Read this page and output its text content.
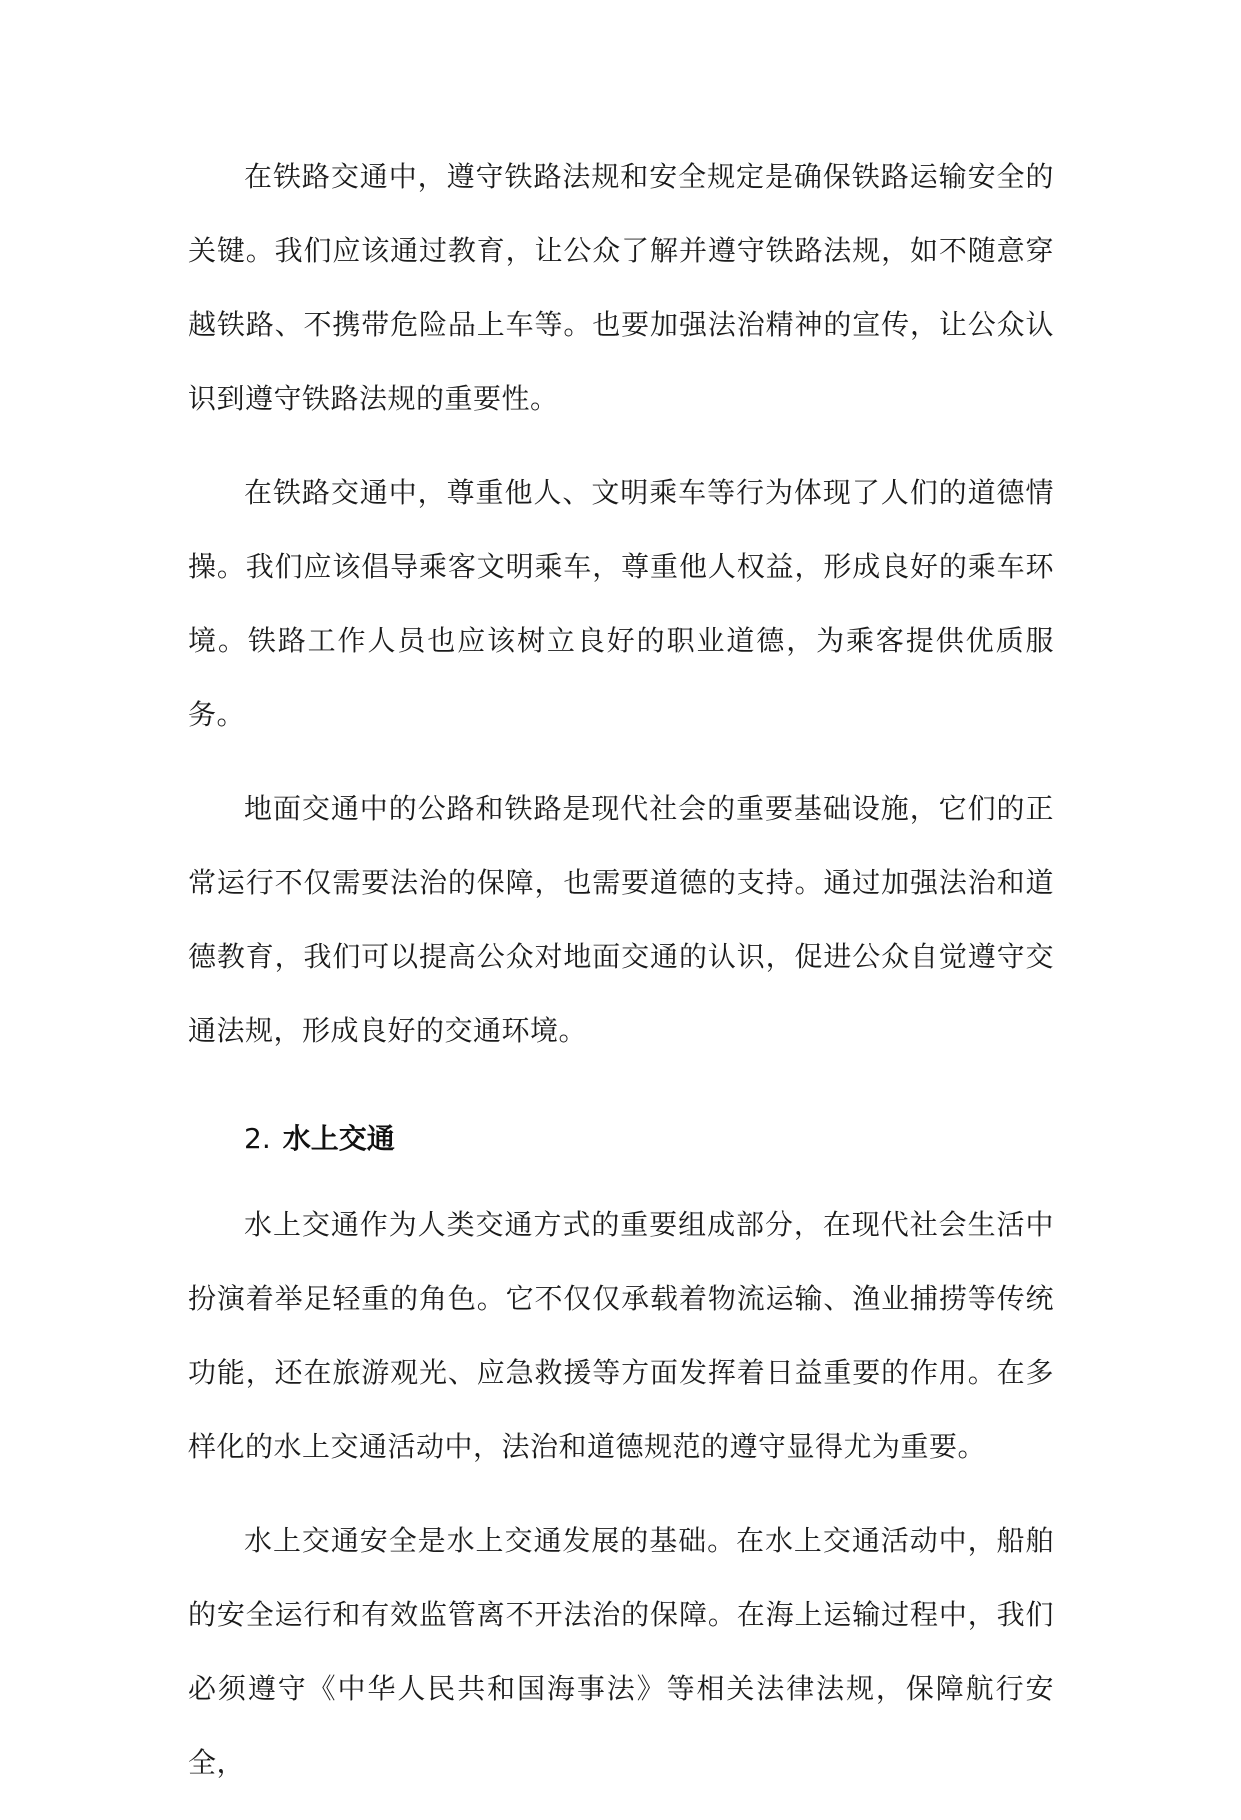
在铁路交通中，遵守铁路法规和安全规定是确保铁路运输安全的关键。我们应该通过教育，让公众了解并遵守铁路法规，如不随意穿越铁路、不携带危险品上车等。也要加强法治精神的宣传，让公众认识到遵守铁路法规的重要性。

在铁路交通中，尊重他人、文明乘车等行为体现了人们的道德情操。我们应该倡导乘客文明乘车，尊重他人权益，形成良好的乘车环境。铁路工作人员也应该树立良好的职业道德，为乘客提供优质服务。

地面交通中的公路和铁路是现代社会的重要基础设施，它们的正常运行不仅需要法治的保障，也需要道德的支持。通过加强法治和道德教育，我们可以提高公众对地面交通的认识，促进公众自觉遵守交通法规，形成良好的交通环境。

2. 水上交通

水上交通作为人类交通方式的重要组成部分，在现代社会生活中扮演着举足轻重的角色。它不仅仅承载着物流运输、渔业捕捞等传统功能，还在旅游观光、应急救援等方面发挥着日益重要的作用。在多样化的水上交通活动中，法治和道德规范的遵守显得尤为重要。

水上交通安全是水上交通发展的基础。在水上交通活动中，船舶的安全运行和有效监管离不开法治的保障。在海上运输过程中，我们必须遵守《中华人民共和国海事法》等相关法律法规，保障航行安全，
